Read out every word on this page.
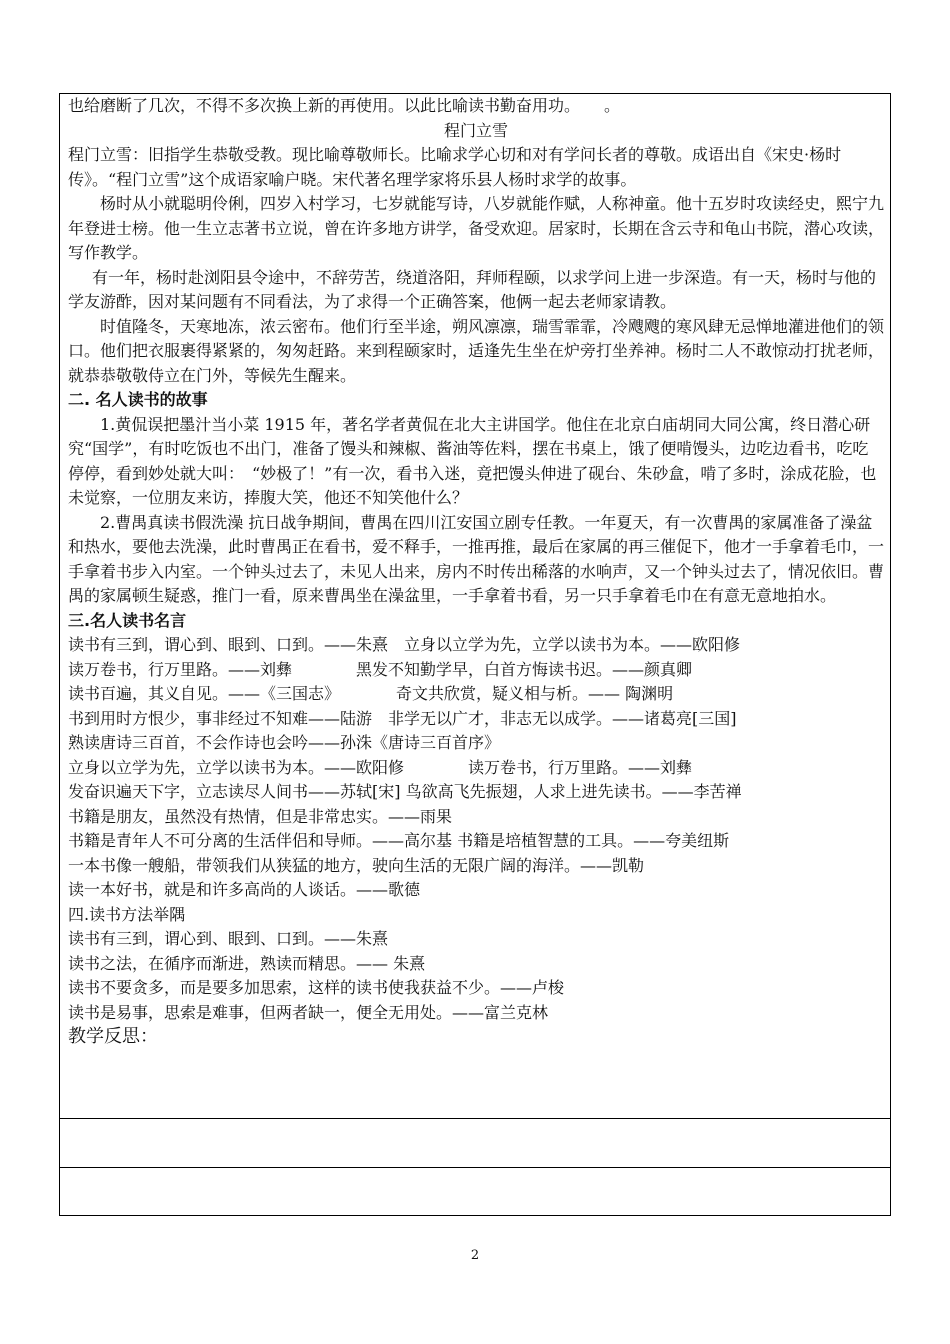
也给磨断了几次，不得不多次换上新的再使用。以此比喻读书勤奋用功。　　。

程门立雪

程门立雪：旧指学生恭敬受教。现比喻尊敬师长。比喻求学心切和对有学问长者的尊敬。成语出自《宋史·杨时传》。“程门立雪”这个成语家喻户晓。宋代著名理学家将乐县人杨时求学的故事。

杨时从小就聪明伶俐，四岁入村学习，七岁就能写诗，八岁就能作赋，人称神童。他十五岁时攻读经史，熙宁九年登进士榜。他一生立志著书立说，曾在许多地方讲学，备受欢迎。居家时，长期在含云寺和龟山书院，潜心攻读，写作教学。

有一年，杨时赴浏阳县令途中，不辞劳苦，绕道洛阳，拜师程颐，以求学问上进一步深造。有一天，杨时与他的学友游酢，因对某问题有不同看法，为了求得一个正确答案，他俩一起去老师家请教。

时值隆冬，天寒地冻，浓云密布。他们行至半途，朔风凛凛，瑞雪霏霏，冷飕飕的寒风肆无忌惮地灌进他们的领口。他们把衣服裹得紧紧的，匆匆赶路。来到程颐家时，适逢先生坐在炉旁打坐养神。杨时二人不敢惊动打扰老师，就恭恭敬敬侍立在门外，等候先生醒来。

二. 名人读书的故事

1.黄侃误把墨汁当小菜 1915 年，著名学者黄侃在北大主讲国学。他住在北京白庙胡同大同公寓，终日潜心研究“国学”，有时吃饭也不出门，准备了馒头和辣椒、酱油等佐料，摆在书桌上，饿了便啃馒头，边吃边看书，吃吃停停，看到妙处就大叫：　“妙极了！”有一次，看书入迷，竟把馒头伸进了砚台、朱砂盒，啃了多时，涂成花脸，也未觉察，一位朋友来访，捧腹大笑，他还不知笑他什么？

2.曹禺真读书假洗澡 抗日战争期间，曹禺在四川江安国立剧专任教。一年夏天，有一次曹禺的家属准备了澡盆和热水，要他去洗澡，此时曹禺正在看书，爱不释手，一推再推，最后在家属的再三催促下，他才一手拿着毛巾，一手拿着书步入内室。一个钟头过去了，未见人出来，房内不时传出稀落的水响声，又一个钟头过去了，情况依旧。曹禺的家属顿生疑惑，推门一看，原来曹禺坐在澡盆里，一手拿着书看，另一只手拿着毛巾在有意无意地拍水。

三.名人读书名言

读书有三到，谓心到、眼到、口到。——朱熹　立身以立学为先，立学以读书为本。——欧阳修

读万卷书，行万里路。——刘彝　　　　黑发不知勤学早，白首方悔读书迟。——颜真卿

读书百遍，其义自见。——《三国志》　　　　奇文共欣赏，疑义相与析。—— 陶渊明

书到用时方恨少，事非经过不知难——陆游　非学无以广才，非志无以成学。——诸葛亮[三国]

熟读唐诗三百首，不会作诗也会吟——孙洙《唐诗三百首序》

立身以立学为先，立学以读书为本。——欧阳修　　　　读万卷书，行万里路。——刘彝

发奋识遍天下字，立志读尽人间书——苏轼[宋] 鸟欲高飞先振翅，人求上进先读书。——李苦禅

书籍是朋友，虽然没有热情，但是非常忠实。——雨果

书籍是青年人不可分离的生活伴侣和导师。——高尔基 书籍是培植智慧的工具。——夸美纽斯

一本书像一艘船，带领我们从狭猛的地方，驶向生活的无限广阔的海洋。——凯勒

读一本好书，就是和许多高尚的人谈话。——歌德

四.读书方法举隅

读书有三到，谓心到、眼到、口到。——朱熹

读书之法，在循序而渐进，熟读而精思。—— 朱熹

读书不要贪多，而是要多加思索，这样的读书使我获益不少。——卢梭

读书是易事，思索是难事，但两者缺一，便全无用处。——富兰克林

教学反思：

2
